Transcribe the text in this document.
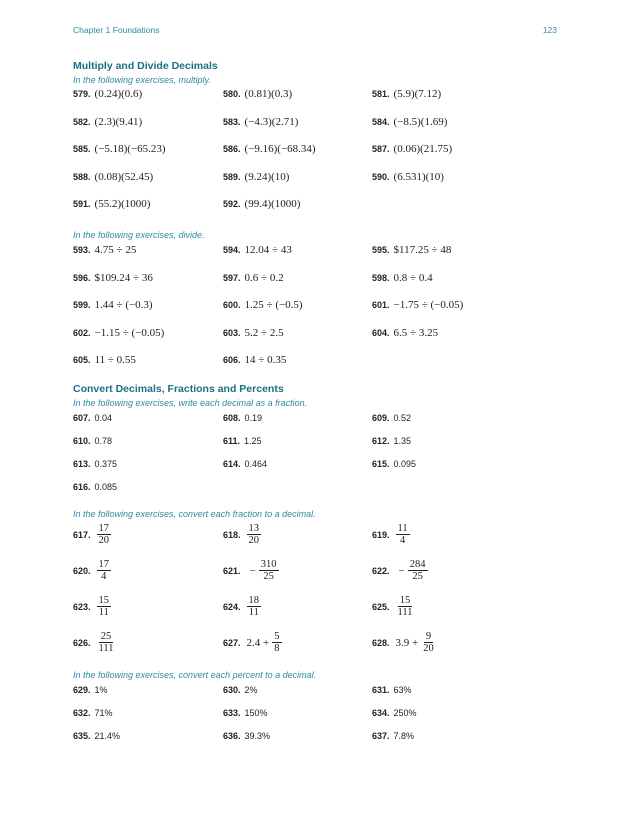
Chapter 1 Foundations	123
Multiply and Divide Decimals
In the following exercises, multiply.
579. (0.24)(0.6)	580. (0.81)(0.3)	581. (5.9)(7.12)
582. (2.3)(9.41)	583. (−4.3)(2.71)	584. (−8.5)(1.69)
585. (−5.18)(−65.23)	586. (−9.16)(−68.34)	587. (0.06)(21.75)
588. (0.08)(52.45)	589. (9.24)(10)	590. (6.531)(10)
591. (55.2)(1000)	592. (99.4)(1000)
In the following exercises, divide.
593. 4.75 ÷ 25	594. 12.04 ÷ 43	595. $117.25 ÷ 48
596. $109.24 ÷ 36	597. 0.6 ÷ 0.2	598. 0.8 ÷ 0.4
599. 1.44 ÷ (−0.3)	600. 1.25 ÷ (−0.5)	601. −1.75 ÷ (−0.05)
602. −1.15 ÷ (−0.05)	603. 5.2 ÷ 2.5	604. 6.5 ÷ 3.25
605. 11 ÷ 0.55	606. 14 ÷ 0.35
Convert Decimals, Fractions and Percents
In the following exercises, write each decimal as a fraction.
607. 0.04	608. 0.19	609. 0.52
610. 0.78	611. 1.25	612. 1.35
613. 0.375	614. 0.464	615. 0.095
616. 0.085
In the following exercises, convert each fraction to a decimal.
617. $\frac{17}{20}$	618. $\frac{13}{20}$	619. $\frac{11}{4}$
620. $\frac{17}{4}$	621. − $\frac{310}{25}$	622. − $\frac{284}{25}$
623. $\frac{15}{11}$	624. $\frac{18}{11}$	625. $\frac{15}{111}$
626. $\frac{25}{111}$	627. $2.4 + \frac{5}{8}$	628. $3.9 + \frac{9}{20}$
In the following exercises, convert each percent to a decimal.
629. 1%	630. 2%	631. 63%
632. 71%	633. 150%	634. 250%
635. 21.4%	636. 39.3%	637. 7.8%
